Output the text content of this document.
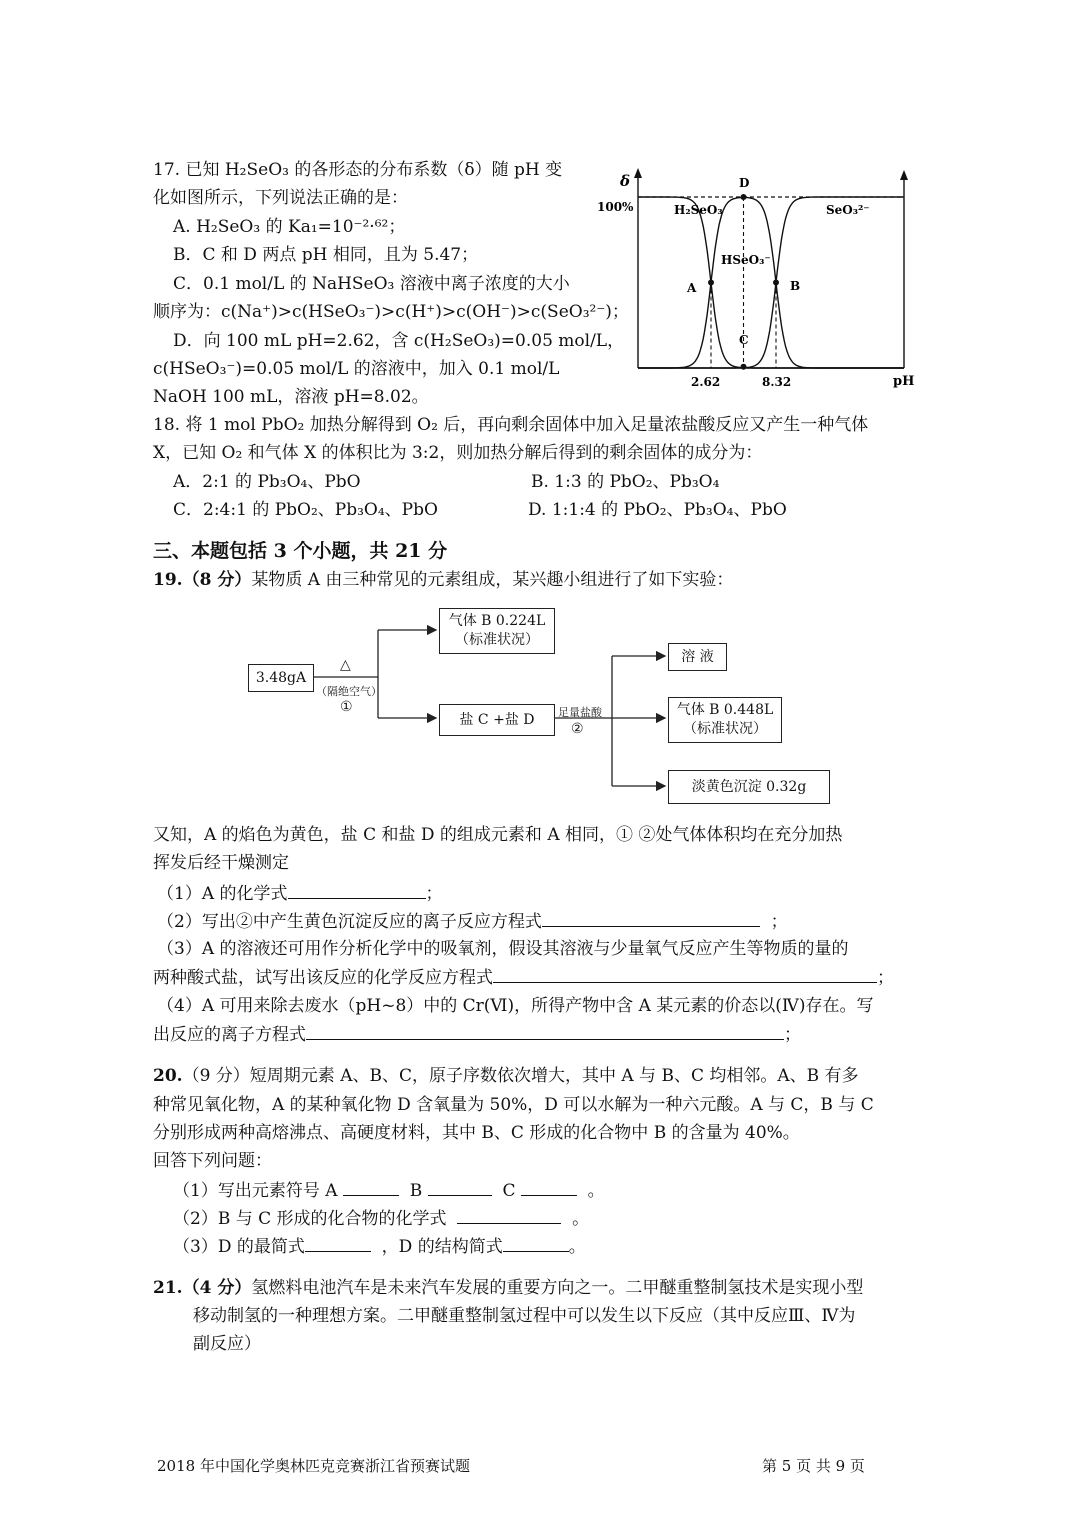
17. 已知 H₂SeO₃ 的各形态的分布系数（δ）随 pH 变
化如图所示，下列说法正确的是：
A. H₂SeO₃ 的 Ka₁=10⁻²·⁶²；
B．C 和 D 两点 pH 相同，且为 5.47；
C．0.1 mol/L 的 NaHSeO₃ 溶液中离子浓度的大小
顺序为：c(Na⁺)>c(HSeO₃⁻)>c(H⁺)>c(OH⁻)>c(SeO₃²⁻)；
D．向 100 mL pH=2.62，含 c(H₂SeO₃)=0.05 mol/L，
c(HSeO₃⁻)=0.05 mol/L 的溶液中，加入 0.1 mol/L
NaOH 100 mL，溶液 pH=8.02。
δ
100%
pH
2.62	8.32
A	B
C
D
H₂SeO₃
HSeO₃⁻
SeO₃²⁻
18. 将 1 mol PbO₂ 加热分解得到 O₂ 后，再向剩余固体中加入足量浓盐酸反应又产生一种气体
X，已知 O₂ 和气体 X 的体积比为 3:2，则加热分解后得到的剩余固体的成分为：
A．2:1 的 Pb₃O₄、PbO	B. 1:3 的 PbO₂、Pb₃O₄
C．2:4:1 的 PbO₂、Pb₃O₄、PbO	D. 1:1:4 的 PbO₂、Pb₃O₄、PbO
三、本题包括 3 个小题，共 21 分
19.（8 分）某物质 A 由三种常见的元素组成，某兴趣小组进行了如下实验：
3.48gA
△
（隔绝空气）
①
气体 B 0.224L
（标准状况）
盐 C +盐 D	足量盐酸
②
溶 液
气体 B 0.448L
（标准状况）
淡黄色沉淀 0.32g
又知，A 的焰色为黄色，盐 C 和盐 D 的组成元素和 A 相同，① ②处气体体积均在充分加热
挥发后经干燥测定
（1）A 的化学式	；
（2）写出②中产生黄色沉淀反应的离子反应方程式	；
（3）A 的溶液还可用作分析化学中的吸氧剂，假设其溶液与少量氧气反应产生等物质的量的
两种酸式盐，试写出该反应的化学反应方程式	；
（4）A 可用来除去废水（pH~8）中的 Cr(Ⅵ)，所得产物中含 A 某元素的价态以(Ⅳ)存在。写
出反应的离子方程式	；
20.（9 分）短周期元素 A、B、C，原子序数依次增大，其中 A 与 B、C 均相邻。A、B 有多
种常见氧化物，A 的某种氧化物 D 含氧量为 50%，D 可以水解为一种六元酸。A 与 C，B 与 C
分别形成两种高熔沸点、高硬度材料，其中 B、C 形成的化合物中 B 的含量为 40%。
回答下列问题：
（1）写出元素符号 A	B	C	。
（2）B 与 C 形成的化合物的化学式	。
（3）D 的最简式	，D 的结构简式	。
21.（4 分）氢燃料电池汽车是未来汽车发展的重要方向之一。二甲醚重整制氢技术是实现小型
移动制氢的一种理想方案。二甲醚重整制氢过程中可以发生以下反应（其中反应Ⅲ、Ⅳ为
副反应）
2018 年中国化学奥林匹克竞赛浙江省预赛试题	第 5 页 共 9 页
